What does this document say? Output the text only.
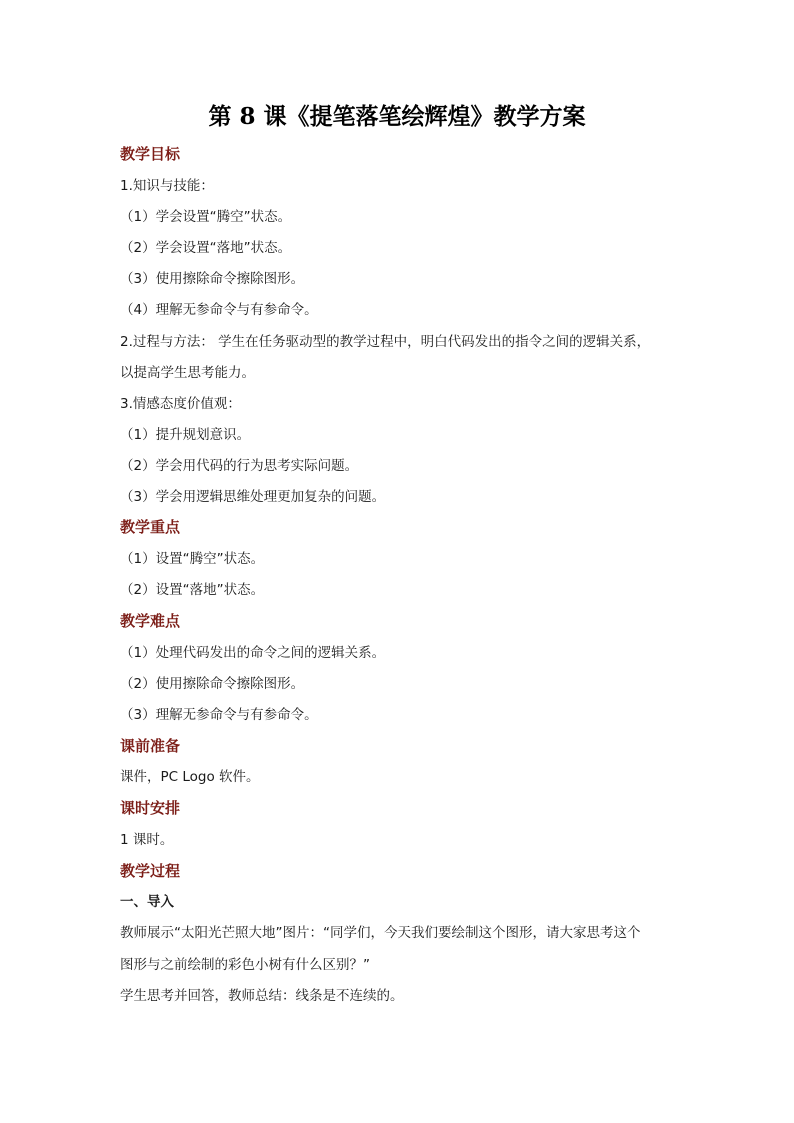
第 8 课《提笔落笔绘辉煌》教学方案
教学目标
1.知识与技能：
（1）学会设置“腾空”状态。
（2）学会设置“落地”状态。
（3）使用擦除命令擦除图形。
（4）理解无参命令与有参命令。
2.过程与方法： 学生在任务驱动型的教学过程中，明白代码发出的指令之间的逻辑关系，
以提高学生思考能力。
3.情感态度价值观：
（1）提升规划意识。
（2）学会用代码的行为思考实际问题。
（3）学会用逻辑思维处理更加复杂的问题。
教学重点
（1）设置“腾空”状态。
（2）设置“落地”状态。
教学难点
（1）处理代码发出的命令之间的逻辑关系。
（2）使用擦除命令擦除图形。
（3）理解无参命令与有参命令。
课前准备
课件，PC Logo 软件。
课时安排
1 课时。
教学过程
一、导入
教师展示“太阳光芒照大地”图片：“同学们，今天我们要绘制这个图形，请大家思考这个
图形与之前绘制的彩色小树有什么区别？”
学生思考并回答，教师总结：线条是不连续的。
